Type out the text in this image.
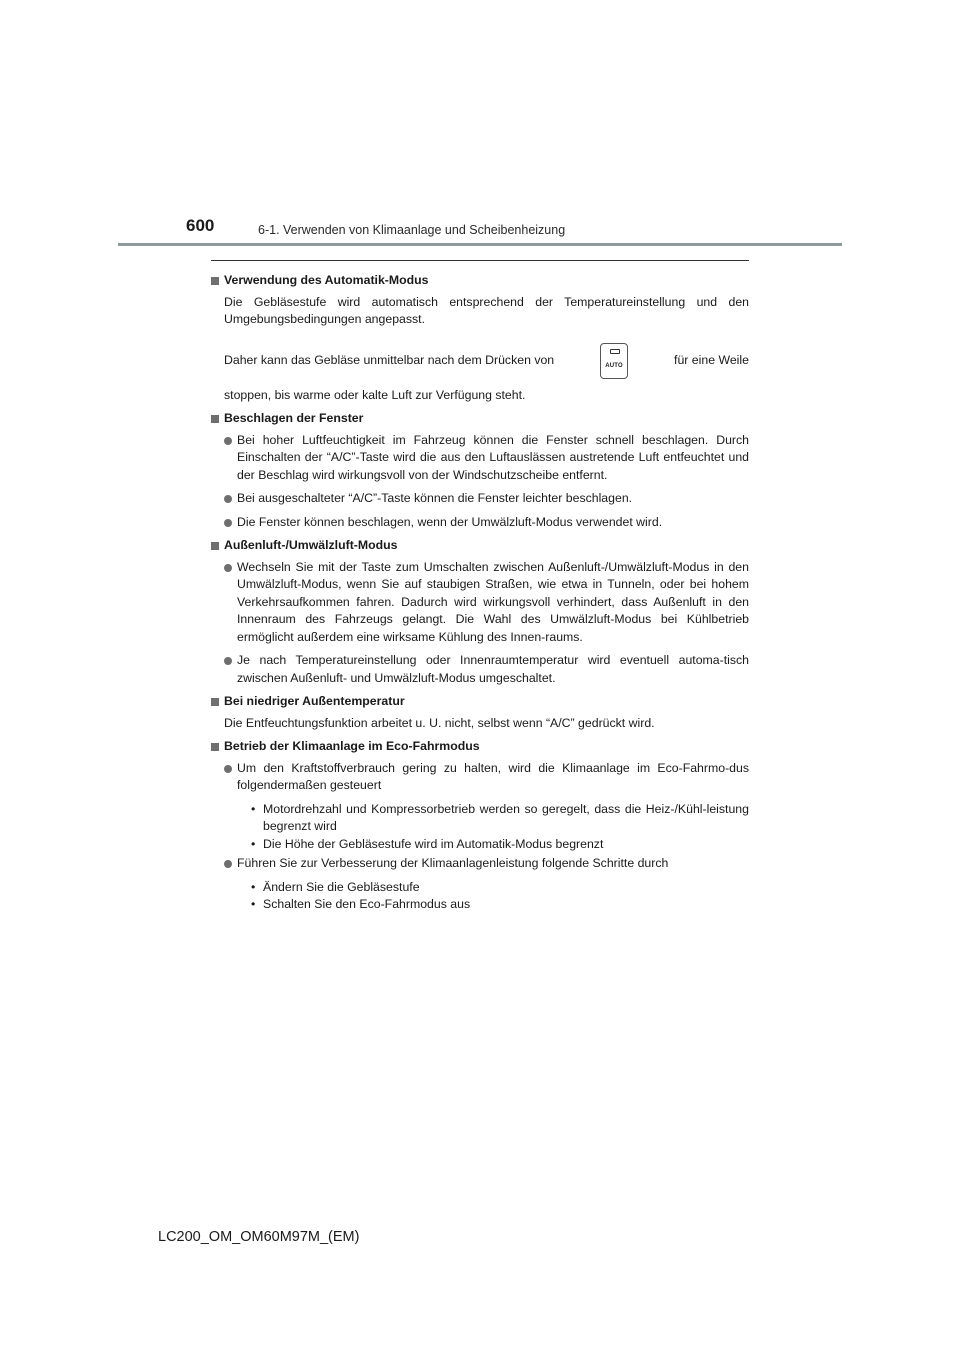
600	6-1. Verwenden von Klimaanlage und Scheibenheizung
Verwendung des Automatik-Modus
Die Gebläsestufe wird automatisch entsprechend der Temperatureinstellung und den Umgebungsbedingungen angepasst.
Daher kann das Gebläse unmittelbar nach dem Drücken von	AUTO	für eine Weile
stoppen, bis warme oder kalte Luft zur Verfügung steht.
Beschlagen der Fenster
Bei hoher Luftfeuchtigkeit im Fahrzeug können die Fenster schnell beschlagen. Durch Einschalten der “A/C”-Taste wird die aus den Luftauslässen austretende Luft entfeuchtet und der Beschlag wird wirkungsvoll von der Windschutzscheibe entfernt.
Bei ausgeschalteter “A/C”-Taste können die Fenster leichter beschlagen.
Die Fenster können beschlagen, wenn der Umwälzluft-Modus verwendet wird.
Außenluft-/Umwälzluft-Modus
Wechseln Sie mit der Taste zum Umschalten zwischen Außenluft-/Umwälzluft-Modus in den Umwälzluft-Modus, wenn Sie auf staubigen Straßen, wie etwa in Tunneln, oder bei hohem Verkehrsaufkommen fahren. Dadurch wird wirkungsvoll verhindert, dass Außenluft in den Innenraum des Fahrzeugs gelangt. Die Wahl des Umwälzluft-Modus bei Kühlbetrieb ermöglicht außerdem eine wirksame Kühlung des Innen-raums.
Je nach Temperatureinstellung oder Innenraumtemperatur wird eventuell automa-tisch zwischen Außenluft- und Umwälzluft-Modus umgeschaltet.
Bei niedriger Außentemperatur
Die Entfeuchtungsfunktion arbeitet u. U. nicht, selbst wenn “A/C” gedrückt wird.
Betrieb der Klimaanlage im Eco-Fahrmodus
Um den Kraftstoffverbrauch gering zu halten, wird die Klimaanlage im Eco-Fahrmo-dus folgendermaßen gesteuert
• Motordrehzahl und Kompressorbetrieb werden so geregelt, dass die Heiz-/Kühl-leistung begrenzt wird
• Die Höhe der Gebläsestufe wird im Automatik-Modus begrenzt
Führen Sie zur Verbesserung der Klimaanlagenleistung folgende Schritte durch
• Ändern Sie die Gebläsestufe
• Schalten Sie den Eco-Fahrmodus aus
LC200_OM_OM60M97M_(EM)
